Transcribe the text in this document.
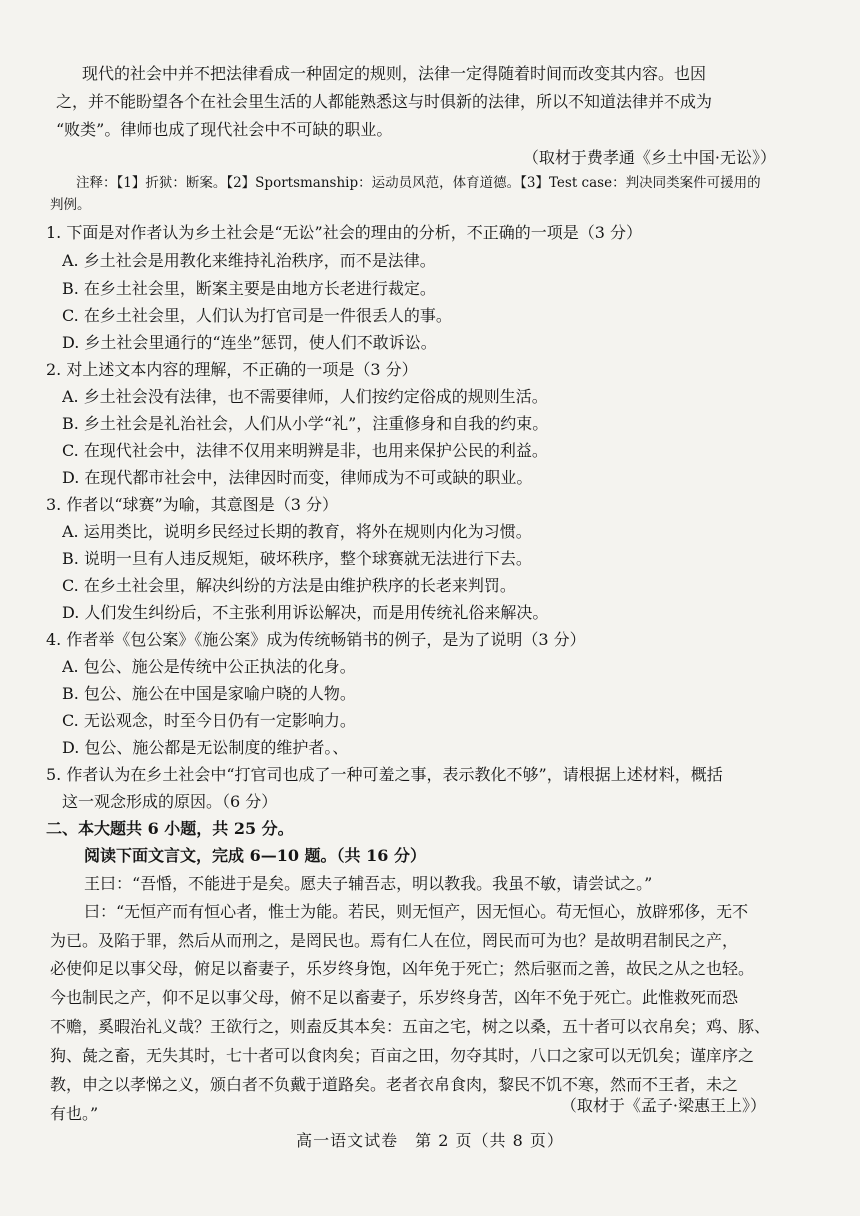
现代的社会中并不把法律看成一种固定的规则，法律一定得随着时间而改变其内容。也因
之，并不能盼望各个在社会里生活的人都能熟悉这与时俱新的法律，所以不知道法律并不成为
“败类”。律师也成了现代社会中不可缺的职业。
（取材于费孝通《乡土中国·无讼》）
注释：【1】折狱：断案。【2】Sportsmanship：运动员风范，体育道德。【3】Test case：判决同类案件可援用的
判例。
1. 下面是对作者认为乡土社会是“无讼”社会的理由的分析，不正确的一项是（3 分）
A. 乡土社会是用教化来维持礼治秩序，而不是法律。
B. 在乡土社会里，断案主要是由地方长老进行裁定。
C. 在乡土社会里，人们认为打官司是一件很丢人的事。
D. 乡土社会里通行的“连坐”惩罚，使人们不敢诉讼。
2. 对上述文本内容的理解，不正确的一项是（3 分）
A. 乡土社会没有法律，也不需要律师，人们按约定俗成的规则生活。
B. 乡土社会是礼治社会，人们从小学“礼”，注重修身和自我的约束。
C. 在现代社会中，法律不仅用来明辨是非，也用来保护公民的利益。
D. 在现代都市社会中，法律因时而变，律师成为不可或缺的职业。
3. 作者以“球赛”为喻，其意图是（3 分）
A. 运用类比，说明乡民经过长期的教育，将外在规则内化为习惯。
B. 说明一旦有人违反规矩，破坏秩序，整个球赛就无法进行下去。
C. 在乡土社会里，解决纠纷的方法是由维护秩序的长老来判罚。
D. 人们发生纠纷后，不主张利用诉讼解决，而是用传统礼俗来解决。
4. 作者举《包公案》《施公案》成为传统畅销书的例子，是为了说明（3 分）
A. 包公、施公是传统中公正执法的化身。
B. 包公、施公在中国是家喻户晓的人物。
C. 无讼观念，时至今日仍有一定影响力。
D. 包公、施公都是无讼制度的维护者。、
5. 作者认为在乡土社会中“打官司也成了一种可羞之事，表示教化不够”，请根据上述材料，概括
这一观念形成的原因。（6 分）
二、本大题共 6 小题，共 25 分。
阅读下面文言文，完成 6—10 题。（共 16 分）
王曰：“吾惛，不能进于是矣。愿夫子辅吾志，明以教我。我虽不敏，请尝试之。”
曰：“无恒产而有恒心者，惟士为能。若民，则无恒产，因无恒心。苟无恒心，放辟邪侈，无不
为已。及陷于罪，然后从而刑之，是罔民也。焉有仁人在位，罔民而可为也？是故明君制民之产，
必使仰足以事父母，俯足以畜妻子，乐岁终身饱，凶年免于死亡；然后驱而之善，故民之从之也轻。
今也制民之产，仰不足以事父母，俯不足以畜妻子，乐岁终身苦，凶年不免于死亡。此惟救死而恐
不赡，奚暇治礼义哉？王欲行之，则盍反其本矣：五亩之宅，树之以桑，五十者可以衣帛矣；鸡、豚、
狗、彘之畜，无失其时，七十者可以食肉矣；百亩之田，勿夺其时，八口之家可以无饥矣；谨庠序之
教，申之以孝悌之义，颁白者不负戴于道路矣。老者衣帛食肉，黎民不饥不寒，然而不王者，未之
有也。”	（取材于《孟子·梁惠王上》）
高一语文试卷　第 2 页（共 8 页）
